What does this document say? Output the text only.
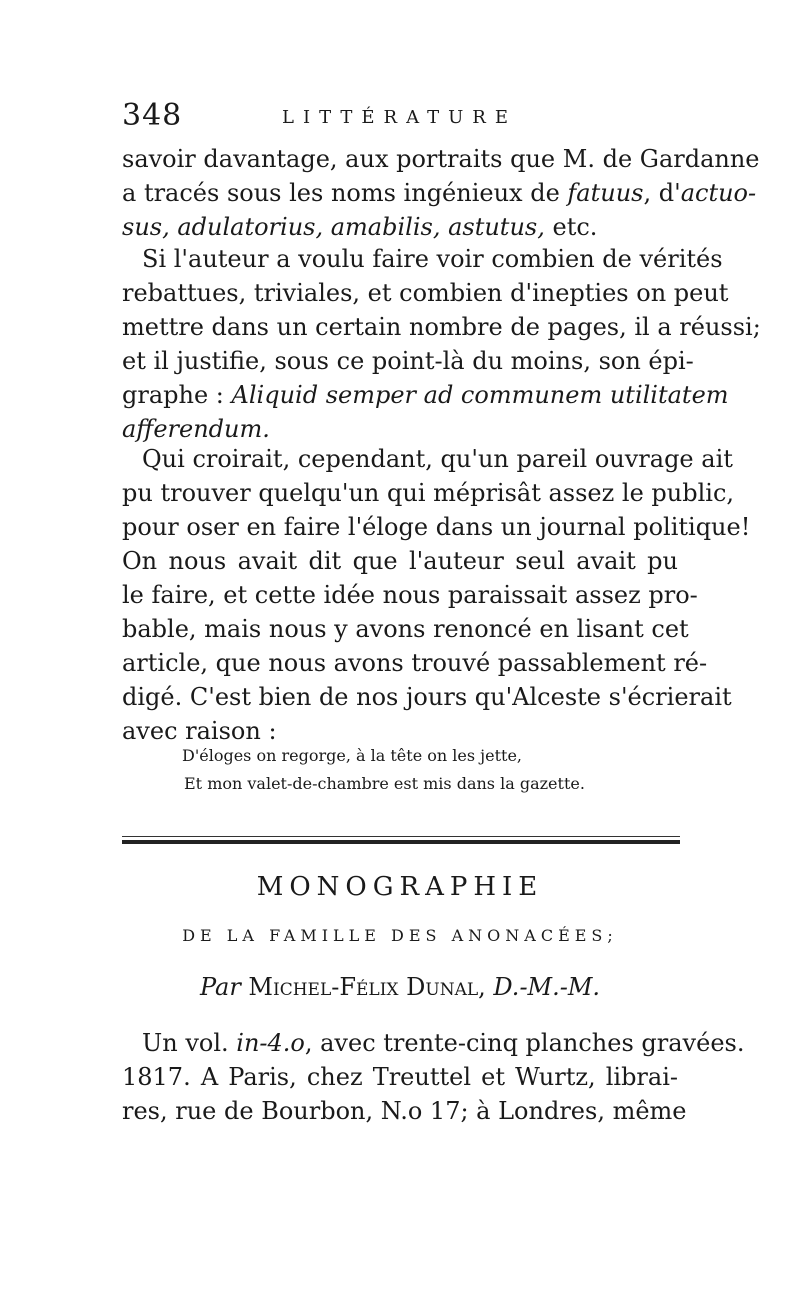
348	LITTÉRATURE
savoir davantage, aux portraits que M. de Gardanne
a tracés sous les noms ingénieux de fatuus, d'actuo-
sus, adulatorius, amabilis, astutus, etc.
Si l'auteur a voulu faire voir combien de vérités
rebattues, triviales, et combien d'inepties on peut
mettre dans un certain nombre de pages, il a réussi;
et il justifie, sous ce point-là du moins, son épi-
graphe : Aliquid semper ad communem utilitatem
afferendum.
Qui croirait, cependant, qu'un pareil ouvrage ait
pu trouver quelqu'un qui méprisât assez le public,
pour oser en faire l'éloge dans un journal politique!
On nous avait dit que l'auteur seul avait pu
le faire, et cette idée nous paraissait assez pro-
bable, mais nous y avons renoncé en lisant cet
article, que nous avons trouvé passablement ré-
digé. C'est bien de nos jours qu'Alceste s'écrierait
avec raison :
D'éloges on regorge, à la tête on les jette,
Et mon valet-de-chambre est mis dans la gazette.
MONOGRAPHIE
DE LA FAMILLE DES ANONACÉES;
Par Michel-Félix Dunal, D.-M.-M.
Un vol. in-4.o, avec trente-cinq planches gravées.
1817. A Paris, chez Treuttel et Wurtz, librai-
res, rue de Bourbon, N.o 17; à Londres, même
